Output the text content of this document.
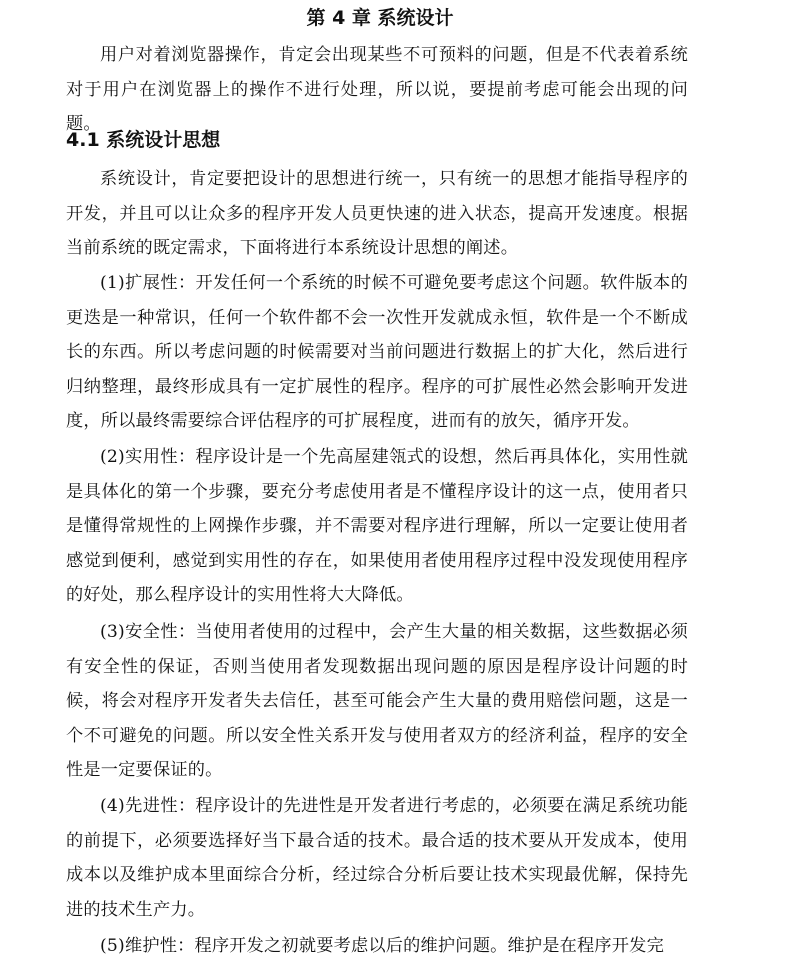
第 4 章 系统设计

用户对着浏览器操作，肯定会出现某些不可预料的问题，但是不代表着系统对于用户在浏览器上的操作不进行处理，所以说，要提前考虑可能会出现的问题。

4.1 系统设计思想

系统设计，肯定要把设计的思想进行统一，只有统一的思想才能指导程序的开发，并且可以让众多的程序开发人员更快速的进入状态，提高开发速度。根据当前系统的既定需求，下面将进行本系统设计思想的阐述。

(1)扩展性：开发任何一个系统的时候不可避免要考虑这个问题。软件版本的更迭是一种常识，任何一个软件都不会一次性开发就成永恒，软件是一个不断成长的东西。所以考虑问题的时候需要对当前问题进行数据上的扩大化，然后进行归纳整理，最终形成具有一定扩展性的程序。程序的可扩展性必然会影响开发进度，所以最终需要综合评估程序的可扩展程度，进而有的放矢，循序开发。

(2)实用性：程序设计是一个先高屋建瓴式的设想，然后再具体化，实用性就是具体化的第一个步骤，要充分考虑使用者是不懂程序设计的这一点，使用者只是懂得常规性的上网操作步骤，并不需要对程序进行理解，所以一定要让使用者感觉到便利，感觉到实用性的存在，如果使用者使用程序过程中没发现使用程序的好处，那么程序设计的实用性将大大降低。

(3)安全性：当使用者使用的过程中，会产生大量的相关数据，这些数据必须有安全性的保证，否则当使用者发现数据出现问题的原因是程序设计问题的时候，将会对程序开发者失去信任，甚至可能会产生大量的费用赔偿问题，这是一个不可避免的问题。所以安全性关系开发与使用者双方的经济利益，程序的安全性是一定要保证的。

(4)先进性：程序设计的先进性是开发者进行考虑的，必须要在满足系统功能的前提下，必须要选择好当下最合适的技术。最合适的技术要从开发成本，使用成本以及维护成本里面综合分析，经过综合分析后要让技术实现最优解，保持先进的技术生产力。

(5)维护性：程序开发之初就要考虑以后的维护问题。维护是在程序开发完
